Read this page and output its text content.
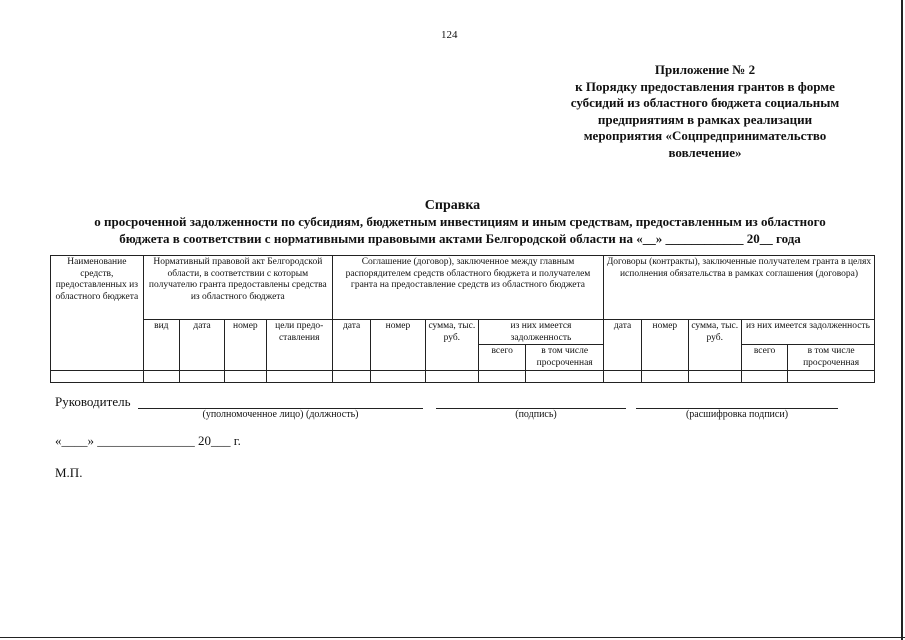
124
Приложение № 2
к Порядку предоставления грантов в форме
субсидий из областного бюджета социальным
предприятиям в рамках реализации
мероприятия «Соцпредпринимательство
вовлечение»
Справка
о просроченной задолженности по субсидиям, бюджетным инвестициям и иным средствам, предоставленным из областного
бюджета в соответствии с нормативными правовыми актами Белгородской области на «__» ____________ 20__ года
Наименование средств, предоставленных из областного бюджета	Нормативный правовой акт Белгородской области, в соответствии с которым получателю гранта предоставлены средства из областного бюджета				Соглашение (договор), заключенное между главным распорядителем средств областного бюджета и получателем гранта на предоставление средств из областного бюджета					Договоры (контракты), заключенные получателем гранта в целях исполнения обязательства в рамках соглашения (договора)				
	вид	дата	номер	цели предо-ставления	дата	номер	сумма, тыс. руб.	из них имеется задолженность		дата	номер	сумма, тыс. руб.	из них имеется задолженность	
								всего	в том числе просроченная				всего	в том числе просроченная

Руководитель
(уполномоченное лицо) (должность)	(подпись)	(расшифровка подписи)
«____» _______________ 20___ г.
М.П.
